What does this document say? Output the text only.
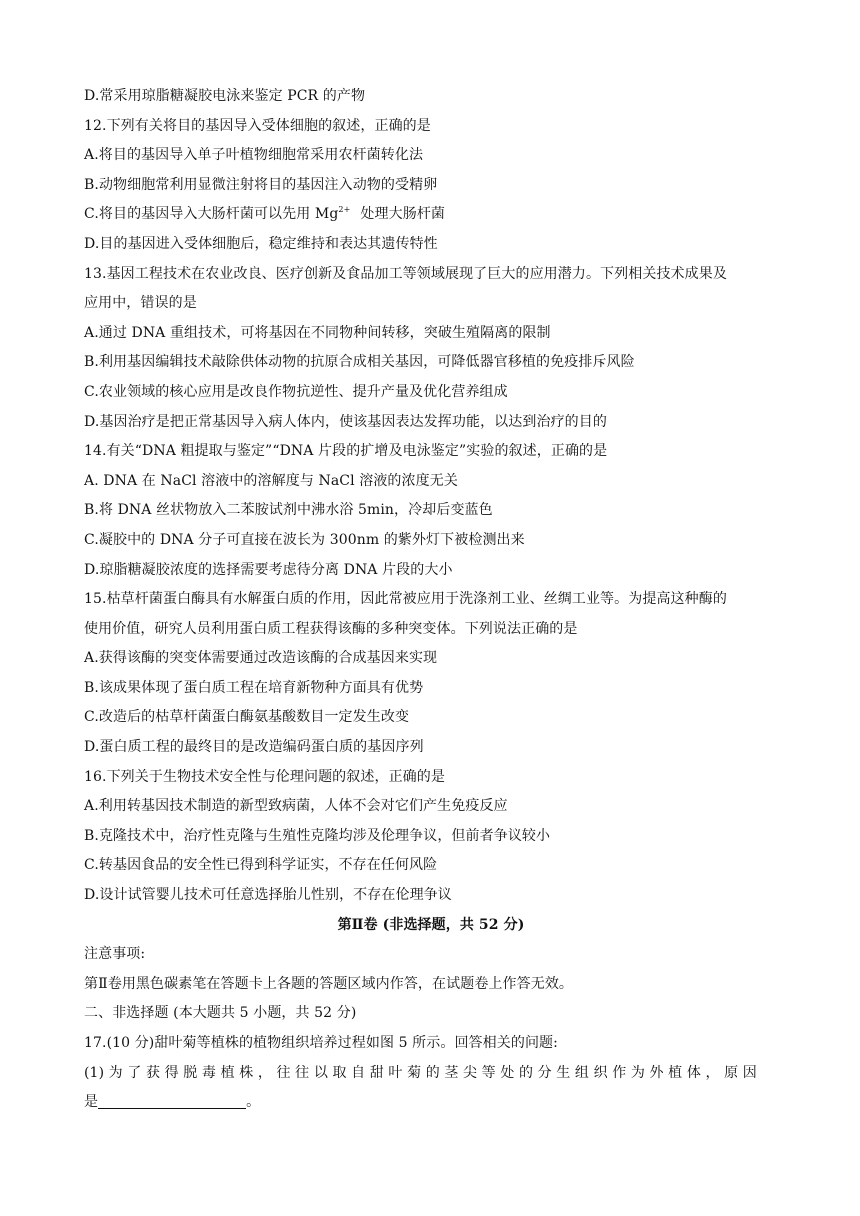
D.常采用琼脂糖凝胶电泳来鉴定 PCR 的产物
12.下列有关将目的基因导入受体细胞的叙述，正确的是
A.将目的基因导入单子叶植物细胞常采用农杆菌转化法
B.动物细胞常利用显微注射将目的基因注入动物的受精卵
C.将目的基因导入大肠杆菌可以先用 $Mg^{2+}$ 处理大肠杆菌
D.目的基因进入受体细胞后，稳定维持和表达其遗传特性
13.基因工程技术在农业改良、医疗创新及食品加工等领域展现了巨大的应用潜力。下列相关技术成果及
应用中，错误的是
A.通过 DNA 重组技术，可将基因在不同物种间转移，突破生殖隔离的限制
B.利用基因编辑技术敲除供体动物的抗原合成相关基因，可降低器官移植的免疫排斥风险
C.农业领域的核心应用是改良作物抗逆性、提升产量及优化营养组成
D.基因治疗是把正常基因导入病人体内，使该基因表达发挥功能，以达到治疗的目的
14.有关“DNA 粗提取与鉴定”“DNA 片段的扩增及电泳鉴定”实验的叙述，正确的是
A. DNA 在 NaCl 溶液中的溶解度与 NaCl 溶液的浓度无关
B.将 DNA 丝状物放入二苯胺试剂中沸水浴 5min，冷却后变蓝色
C.凝胶中的 DNA 分子可直接在波长为 300nm 的紫外灯下被检测出来
D.琼脂糖凝胶浓度的选择需要考虑待分离 DNA 片段的大小
15.枯草杆菌蛋白酶具有水解蛋白质的作用，因此常被应用于洗涤剂工业、丝绸工业等。为提高这种酶的
使用价值，研究人员利用蛋白质工程获得该酶的多种突变体。下列说法正确的是
A.获得该酶的突变体需要通过改造该酶的合成基因来实现
B.该成果体现了蛋白质工程在培育新物种方面具有优势
C.改造后的枯草杆菌蛋白酶氨基酸数目一定发生改变
D.蛋白质工程的最终目的是改造编码蛋白质的基因序列
16.下列关于生物技术安全性与伦理问题的叙述，正确的是
A.利用转基因技术制造的新型致病菌，人体不会对它们产生免疫反应
B.克隆技术中，治疗性克隆与生殖性克隆均涉及伦理争议，但前者争议较小
C.转基因食品的安全性已得到科学证实，不存在任何风险
D.设计试管婴儿技术可任意选择胎儿性别，不存在伦理争议
第Ⅱ卷 (非选择题，共 52 分)
注意事项:
第Ⅱ卷用黑色碳素笔在答题卡上各题的答题区域内作答，在试题卷上作答无效。
二、非选择题 (本大题共 5 小题，共 52 分)
17.(10 分)甜叶菊等植株的植物组织培养过程如图 5 所示。回答相关的问题:
(1) 为 了 获 得 脱 毒 植 株 ， 往 往 以 取 自 甜 叶 菊 的 茎 尖 等 处 的 分 生 组 织 作 为 外 植 体 ， 原 因
是	。
